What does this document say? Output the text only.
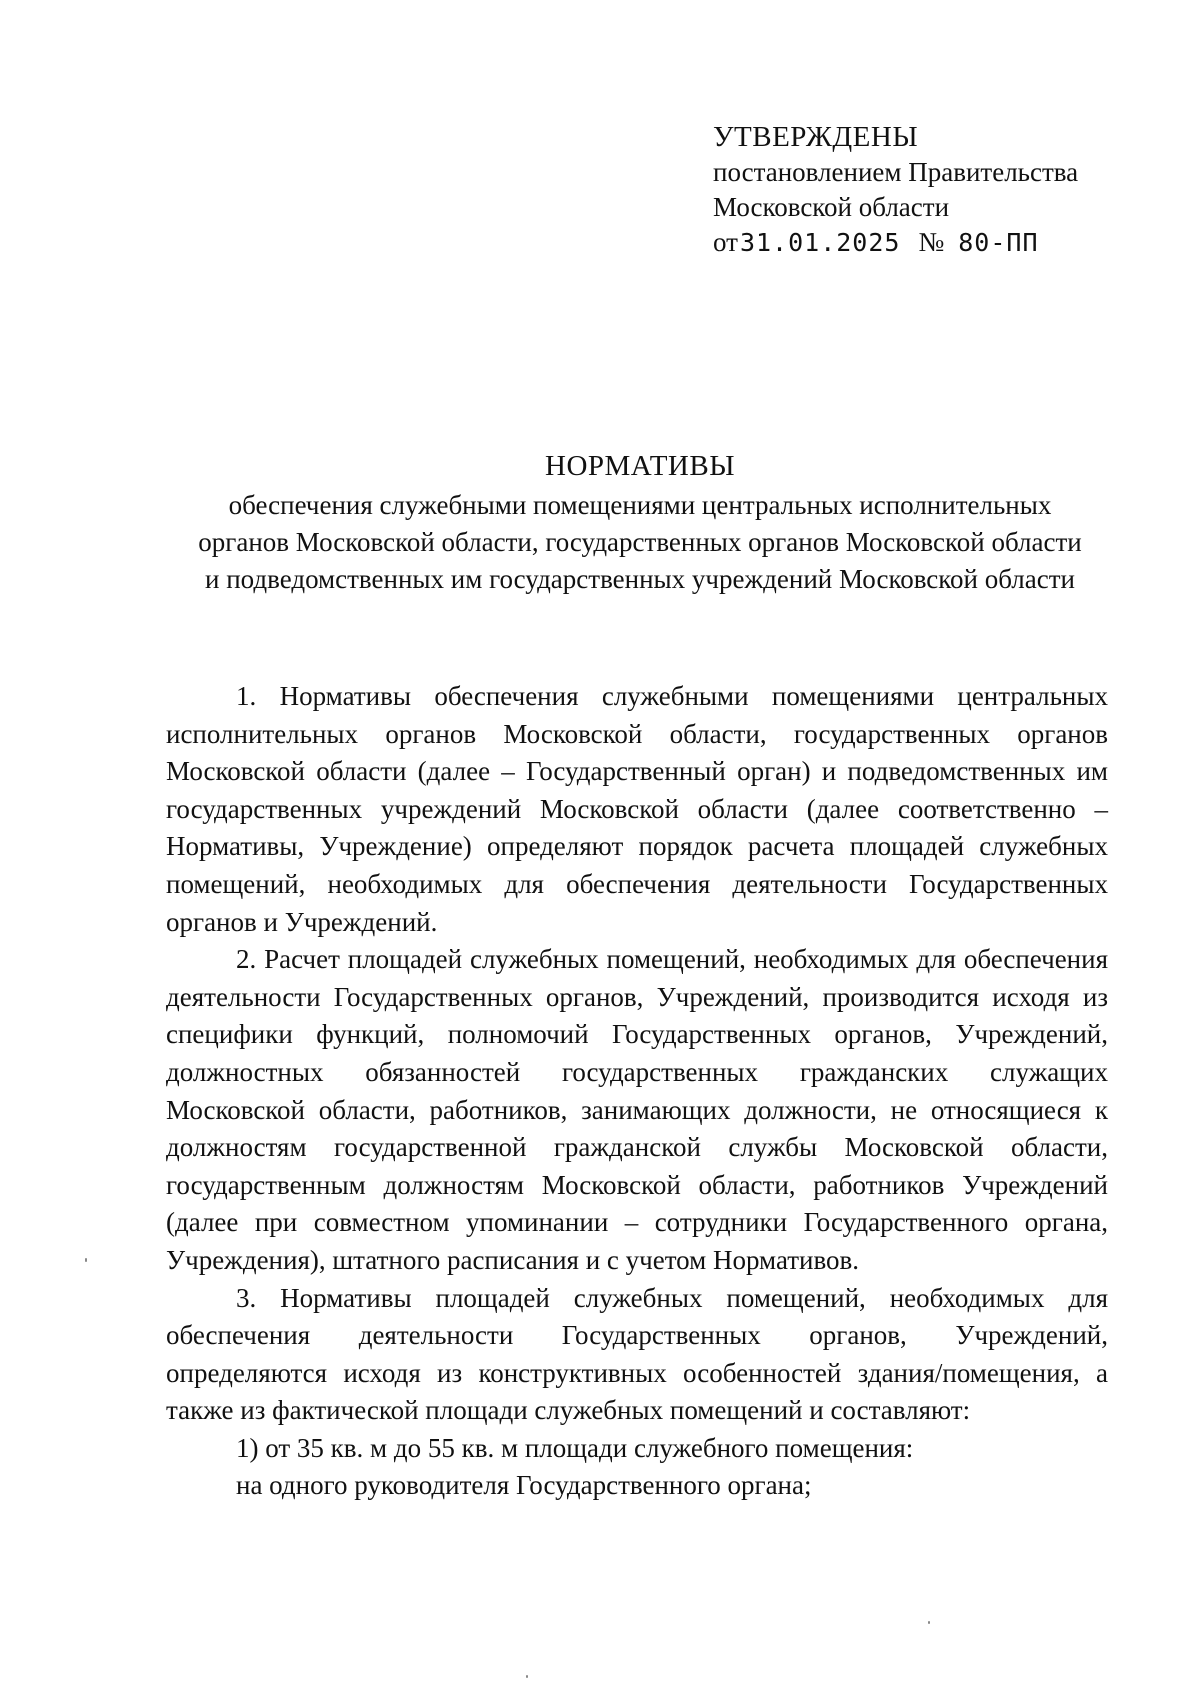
УТВЕРЖДЕНЫ
постановлением Правительства
Московской области
от31.01.2025 № 80-ПП
НОРМАТИВЫ
обеспечения служебными помещениями центральных исполнительных
органов Московской области, государственных органов Московской области
и подведомственных им государственных учреждений Московской области

1. Нормативы обеспечения служебными помещениями центральных исполнительных органов Московской области, государственных органов Московской области (далее – Государственный орган) и подведомственных им государственных учреждений Московской области (далее соответственно – Нормативы, Учреждение) определяют порядок расчета площадей служебных помещений, необходимых для обеспечения деятельности Государственных органов и Учреждений.

2. Расчет площадей служебных помещений, необходимых для обеспечения деятельности Государственных органов, Учреждений, производится исходя из специфики функций, полномочий Государственных органов, Учреждений, должностных обязанностей государственных гражданских служащих Московской области, работников, занимающих должности, не относящиеся к должностям государственной гражданской службы Московской области, государственным должностям Московской области, работников Учреждений (далее при совместном упоминании – сотрудники Государственного органа, Учреждения), штатного расписания и с учетом Нормативов.

3. Нормативы площадей служебных помещений, необходимых для обеспечения деятельности Государственных органов, Учреждений, определяются исходя из конструктивных особенностей здания/помещения, а также из фактической площади служебных помещений и составляют:

1) от 35 кв. м до 55 кв. м площади служебного помещения:

на одного руководителя Государственного органа;
